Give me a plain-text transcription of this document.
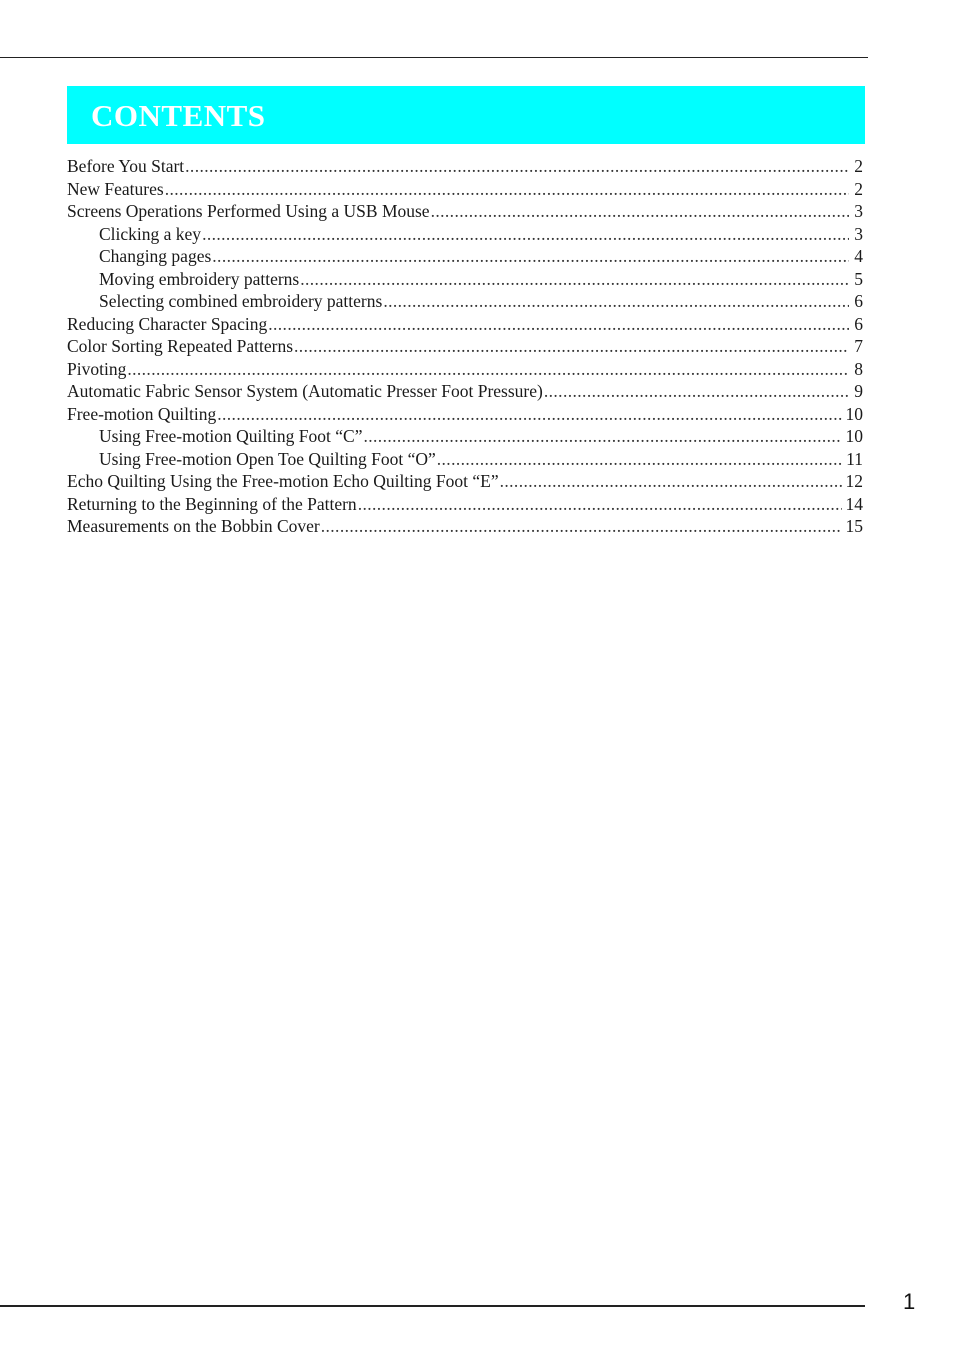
CONTENTS
Before You Start .....	2
New Features .....	2
Screens Operations Performed Using a USB Mouse .....	3
Clicking a key .....	3
Changing pages .....	4
Moving embroidery patterns .....	5
Selecting combined embroidery patterns .....	6
Reducing Character Spacing .....	6
Color Sorting Repeated Patterns .....	7
Pivoting .....	8
Automatic Fabric Sensor System (Automatic Presser Foot Pressure) .....	9
Free-motion Quilting .....	10
Using Free-motion Quilting Foot “C” .....	10
Using Free-motion Open Toe Quilting Foot “O” .....	11
Echo Quilting Using the Free-motion Echo Quilting Foot “E” .....	12
Returning to the Beginning of the Pattern .....	14
Measurements on the Bobbin Cover .....	15
1
